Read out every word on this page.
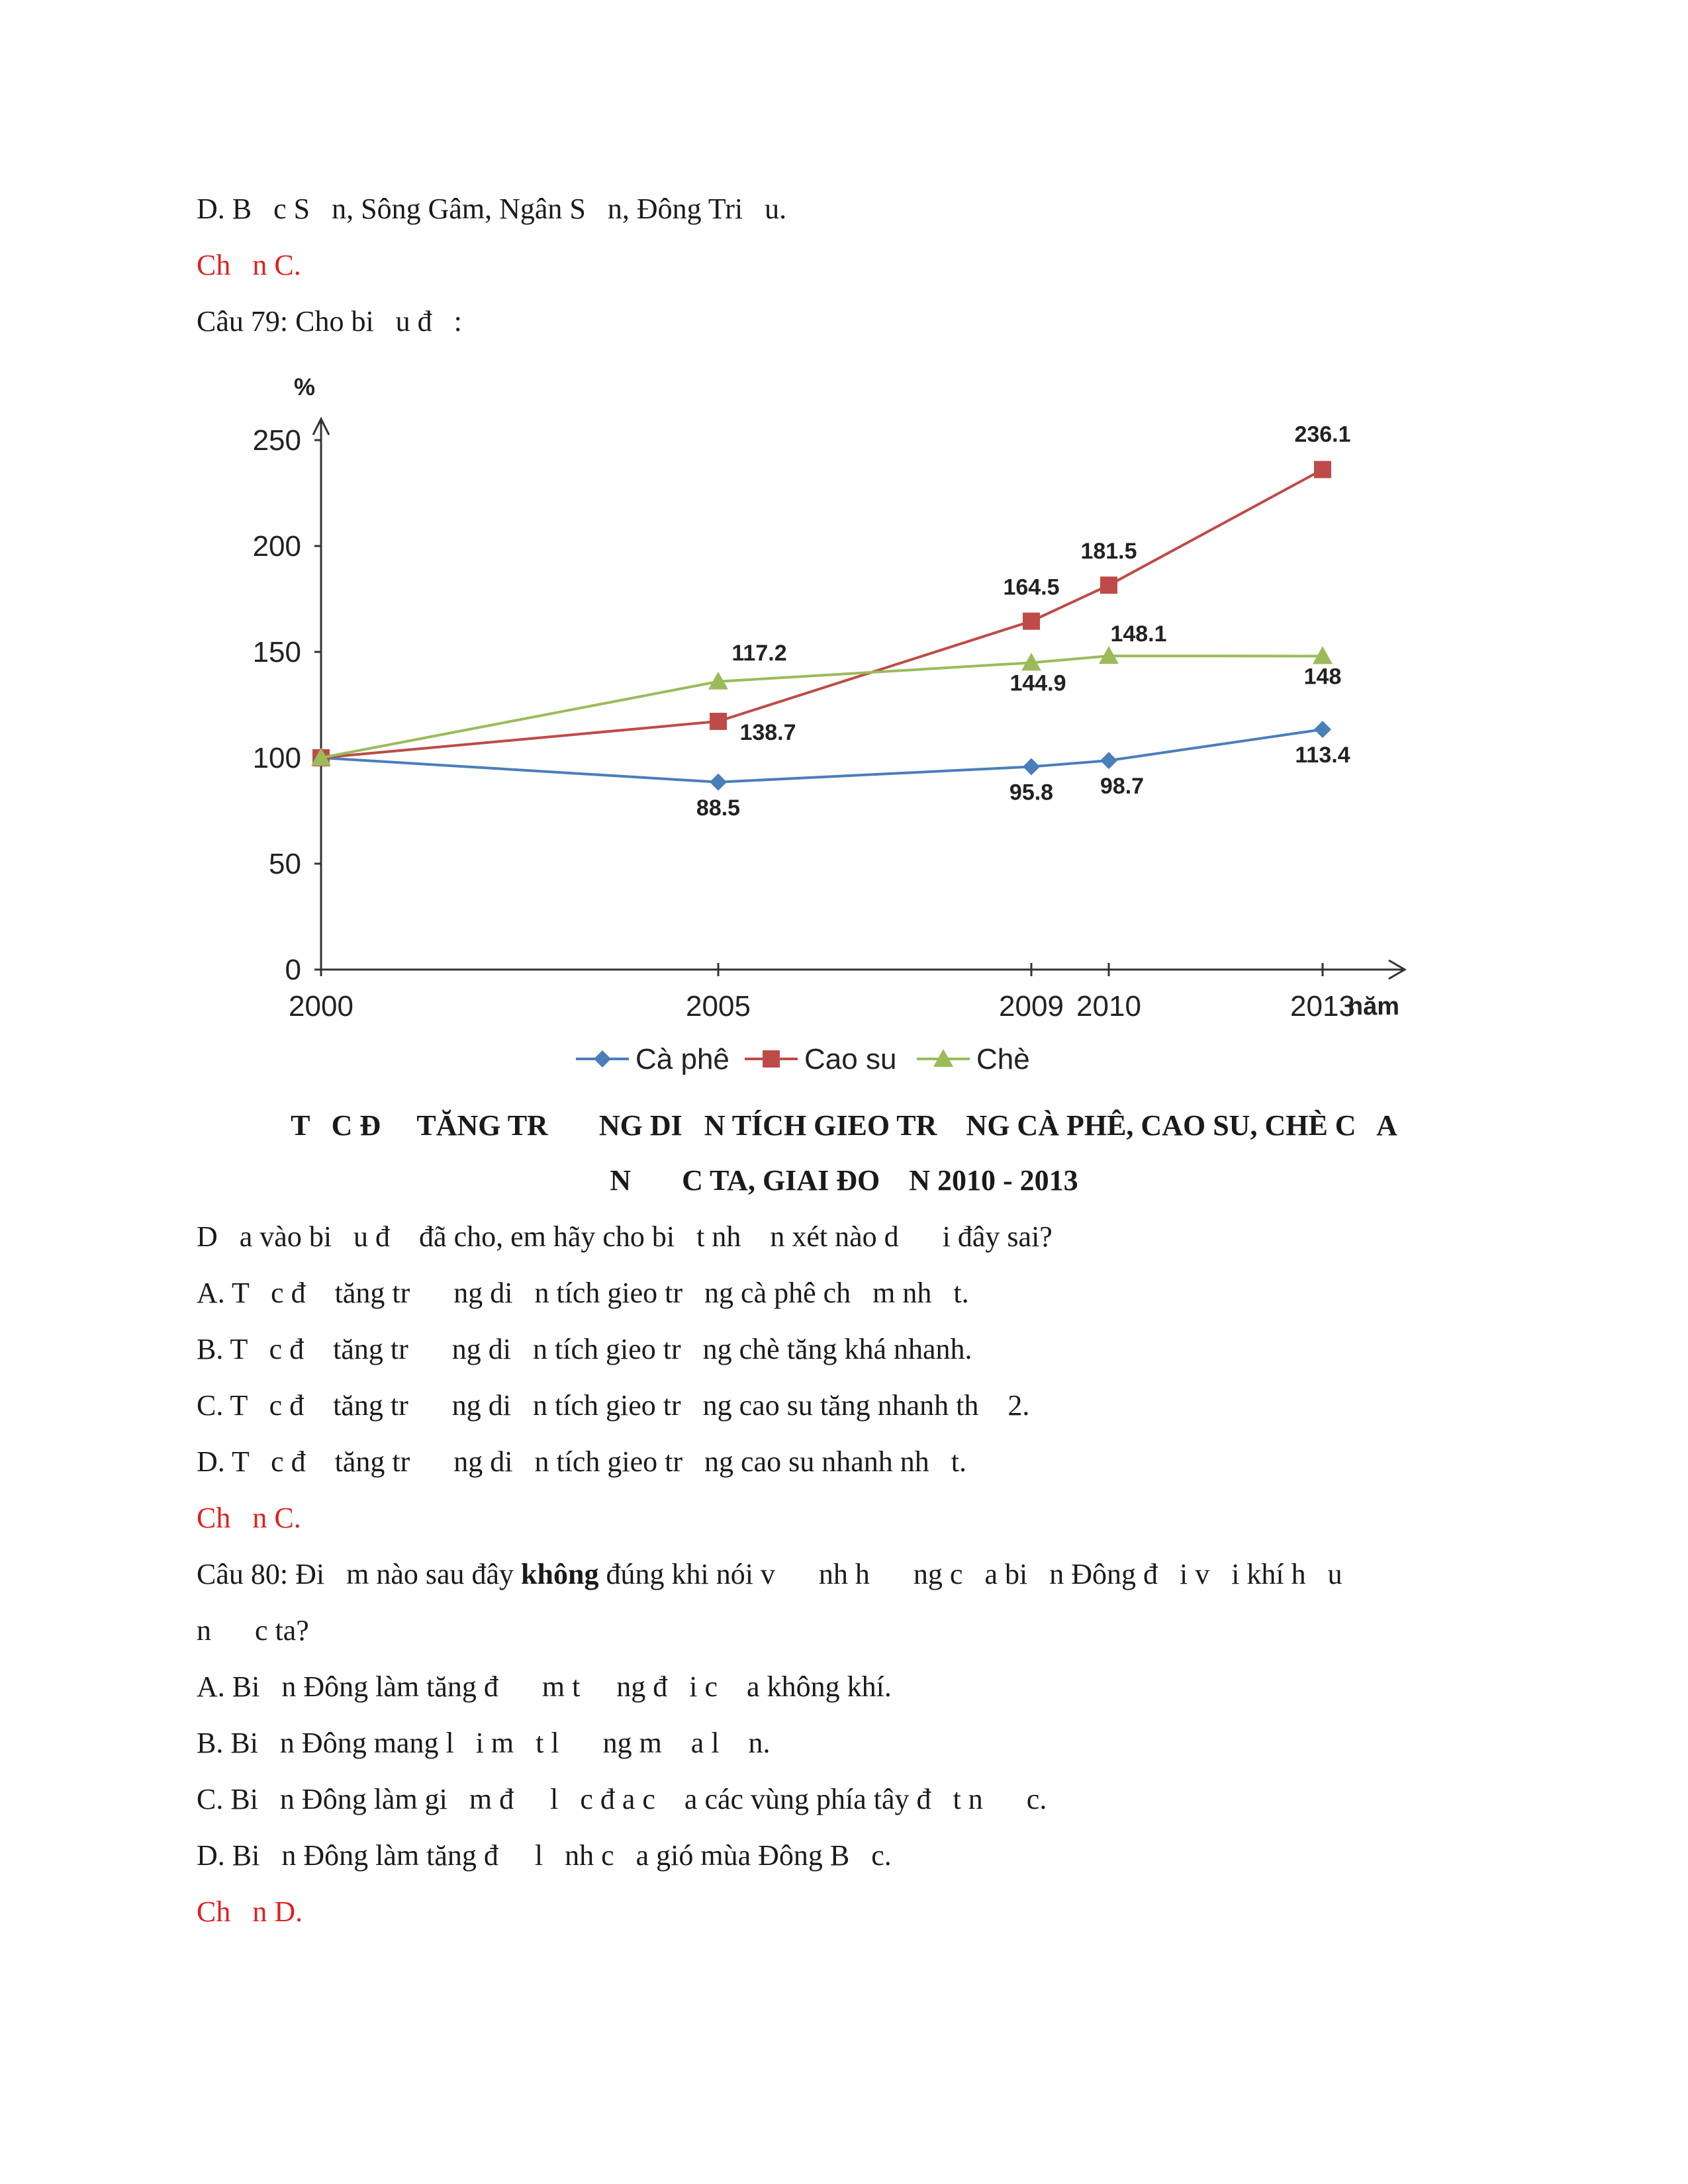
D. B   c S   n, Sông Gâm, Ngân S   n, Đông Tri   u.
Ch   n C.
Câu 79: Cho bi   u đ   :
0
50
100
150
200
250
%
2000	2005	2009 2010	2013
năm
88.5
95.8 98.7
113.4
138.7
164.5
181.5
236.1
117.2
144.9
148.1
148
Cà phê	Cao su	Chè
T   C Đ     TĂNG TR       NG DI   N TÍCH GIEO TR    NG CÀ PHÊ, CAO SU, CHÈ C   A
N       C TA, GIAI ĐO    N 2010 - 2013
D   a vào bi   u đ    đã cho, em hãy cho bi   t nh    n xét nào d      i đây sai?
A. T   c đ    tăng tr      ng di   n tích gieo tr   ng cà phê ch   m nh   t.
B. T   c đ    tăng tr      ng di   n tích gieo tr   ng chè tăng khá nhanh.
C. T   c đ    tăng tr      ng di   n tích gieo tr   ng cao su tăng nhanh th    2.
D. T   c đ    tăng tr      ng di   n tích gieo tr   ng cao su nhanh nh   t.
Ch   n C.
Câu 80: Đi   m nào sau đây không đúng khi nói v      nh h      ng c   a bi   n Đông đ   i v   i khí h   u
n      c ta?
A. Bi   n Đông làm tăng đ      m t     ng đ   i c    a không khí.
B. Bi   n Đông mang l   i m   t l      ng m    a l    n.
C. Bi   n Đông làm gi   m đ     l   c đ a c    a các vùng phía tây đ   t n      c.
D. Bi   n Đông làm tăng đ     l   nh c   a gió mùa Đông B   c.
Ch   n D.
